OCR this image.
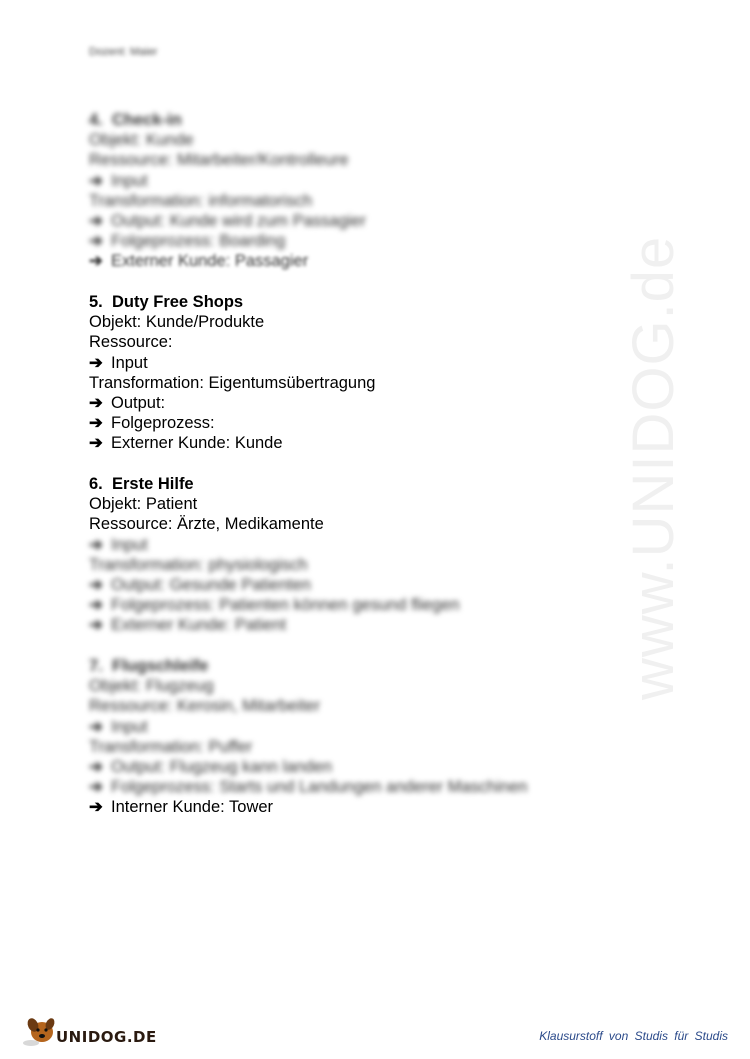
Dozent: Maier
www.UNIDOG.de
4. Check-in
Objekt: Kunde
Ressource: Mitarbeiter/Kontrolleure
➔ Input
Transformation: informatorisch
➔ Output: Kunde wird zum Passagier
➔ Folgeprozess: Boarding
➔ Externer Kunde: Passagier
5. Duty Free Shops
Objekt: Kunde/Produkte
Ressource:
➔ Input
Transformation: Eigentumsübertragung
➔ Output:
➔ Folgeprozess:
➔ Externer Kunde: Kunde
6. Erste Hilfe
Objekt: Patient
Ressource: Ärzte, Medikamente
➔ Input
Transformation: physiologisch
➔ Output: Gesunde Patienten
➔ Folgeprozess: Patienten können gesund fliegen
➔ Externer Kunde: Patient
7. Flugschleife
Objekt: Flugzeug
Ressource: Kerosin, Mitarbeiter
➔ Input
Transformation: Puffer
➔ Output: Flugzeug kann landen
➔ Folgeprozess: Starts und Landungen anderer Maschinen
➔ Interner Kunde: Tower
UNIDOG.DE	Klausurstoff von Studis für Studis
